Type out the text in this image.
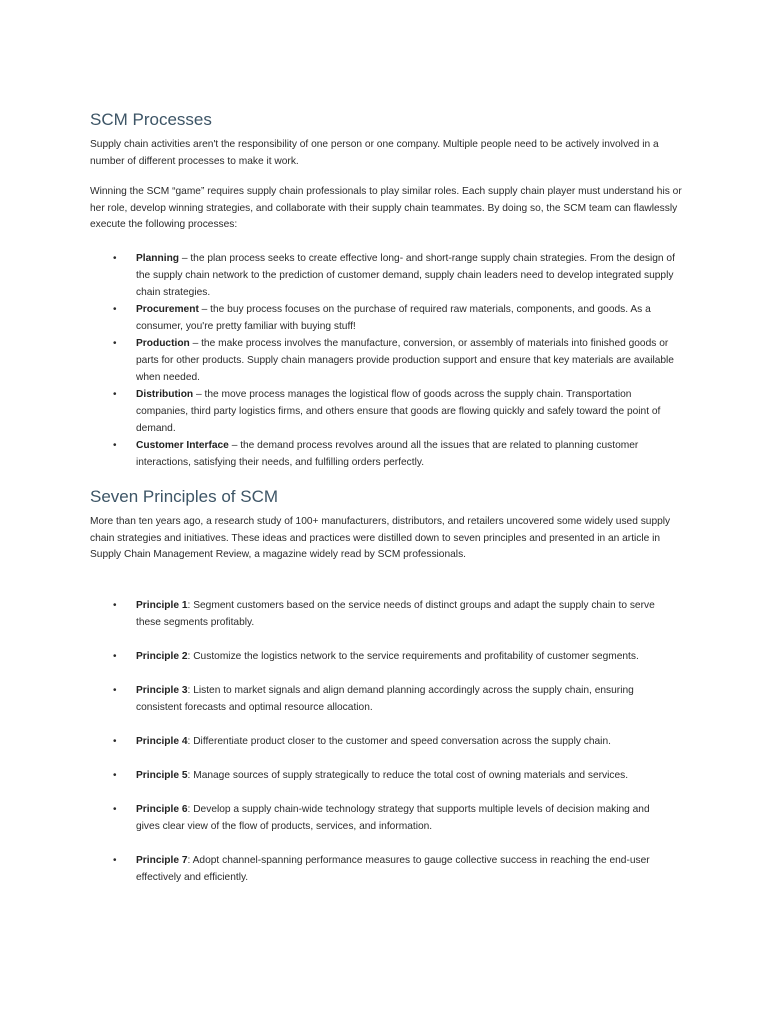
SCM Processes

Supply chain activities aren't the responsibility of one person or one company. Multiple people need to be actively involved in a number of different processes to make it work.

Winning the SCM “game” requires supply chain professionals to play similar roles. Each supply chain player must understand his or her role, develop winning strategies, and collaborate with their supply chain teammates. By doing so, the SCM team can flawlessly execute the following processes:

• Planning – the plan process seeks to create effective long- and short-range supply chain strategies. From the design of the supply chain network to the prediction of customer demand, supply chain leaders need to develop integrated supply chain strategies.
• Procurement – the buy process focuses on the purchase of required raw materials, components, and goods. As a consumer, you're pretty familiar with buying stuff!
• Production – the make process involves the manufacture, conversion, or assembly of materials into finished goods or parts for other products. Supply chain managers provide production support and ensure that key materials are available when needed.
• Distribution – the move process manages the logistical flow of goods across the supply chain. Transportation companies, third party logistics firms, and others ensure that goods are flowing quickly and safely toward the point of demand.
• Customer Interface – the demand process revolves around all the issues that are related to planning customer interactions, satisfying their needs, and fulfilling orders perfectly.
Seven Principles of SCM

More than ten years ago, a research study of 100+ manufacturers, distributors, and retailers uncovered some widely used supply chain strategies and initiatives. These ideas and practices were distilled down to seven principles and presented in an article in Supply Chain Management Review, a magazine widely read by SCM professionals.

• Principle 1: Segment customers based on the service needs of distinct groups and adapt the supply chain to serve these segments profitably.
• Principle 2: Customize the logistics network to the service requirements and profitability of customer segments.
• Principle 3: Listen to market signals and align demand planning accordingly across the supply chain, ensuring consistent forecasts and optimal resource allocation.
• Principle 4: Differentiate product closer to the customer and speed conversation across the supply chain.
• Principle 5: Manage sources of supply strategically to reduce the total cost of owning materials and services.
• Principle 6: Develop a supply chain-wide technology strategy that supports multiple levels of decision making and gives clear view of the flow of products, services, and information.
• Principle 7: Adopt channel-spanning performance measures to gauge collective success in reaching the end-user effectively and efficiently.
